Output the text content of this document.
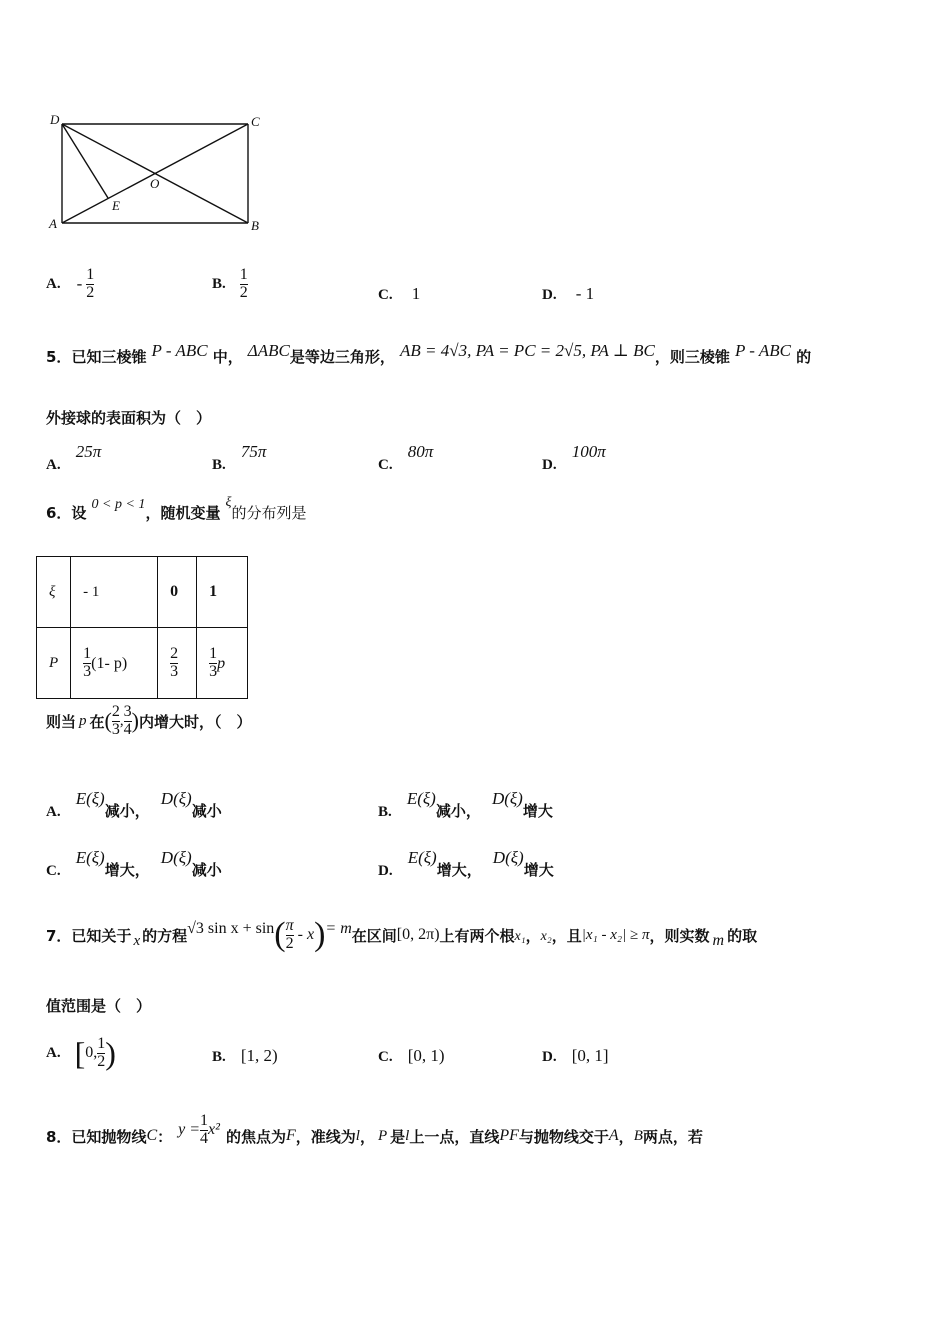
D	C
A	B
O
E
A. - $\frac{1}{2}$	B. $\frac{1}{2}$	C. 1	D. - 1
5．已知三棱锥 P - ABC 中， ΔABC是等边三角形， AB = 4√3, PA = PC = 2√5, PA ⊥ BC，则三棱锥 P - ABC 的
外接球的表面积为（　）
A. 25π
B. 75π
C. 80π
D. 100π
6．设 0 < p < 1，随机变量 ξ的分布列是
ξ	- 1	0	1
P	$\frac{1}{3} (1-$ p)	$\frac{2}{3}$	$\frac{1}{3}$ p
则当 p 在 ( $\frac{2}{3}$ , $\frac{3}{4}$ ) 内增大时，（　）
A. E(ξ)减小， D(ξ)减小	B. E(ξ)减小， D(ξ)增大
C. E(ξ)增大， D(ξ)减小	D. E(ξ)增大， D(ξ)增大
7．已知关于 x 的方程 √3 sin x + sin ( $\frac{\pi}{2}$ - x ) = m 在区间 [0, 2π) 上有两个根 x₁ ， x₂ ，且 |x₁ - x₂| ≥ π ，则实数 m 的取
值范围是（　）
A. [ 0, $\frac{1}{2}$ )	B. [1, 2)	C. [0, 1)	D. [0, 1]
8．已知抛物线 C ： $y = \frac{1}{4} x^2$ 的焦点为 F ，准线为 l ， P 是 l 上一点，直线 PF 与抛物线交于 A ， B 两点，若
